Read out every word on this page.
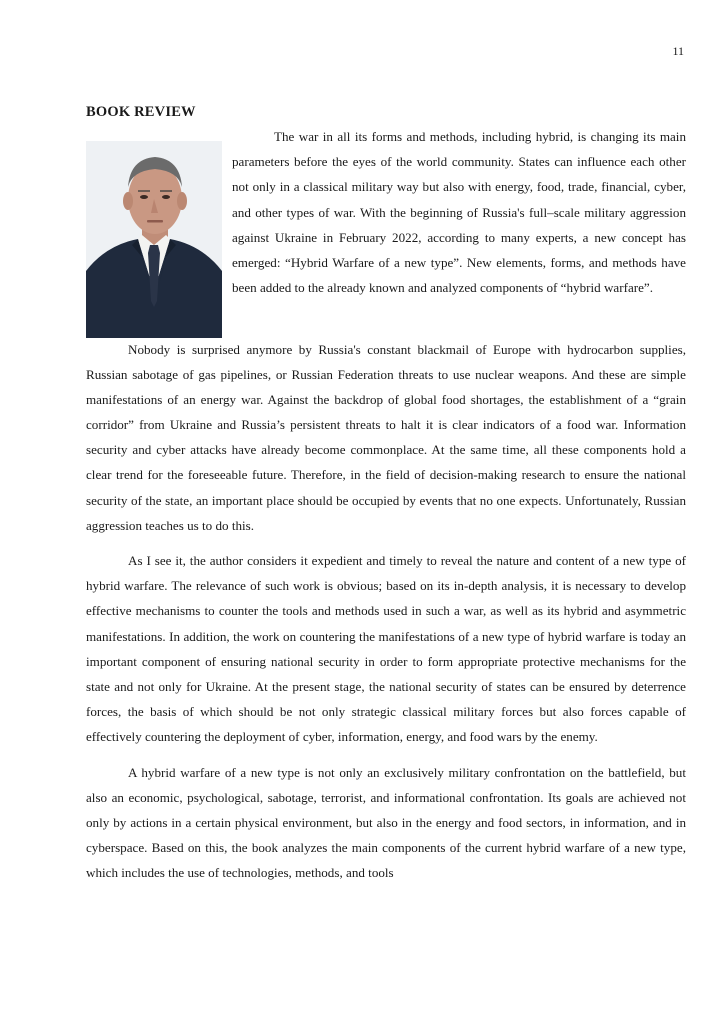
11
BOOK REVIEW

The war in all its forms and methods, including hybrid, is changing its main parameters before the eyes of the world community. States can influence each other not only in a classical military way but also with energy, food, trade, financial, cyber, and other types of war. With the beginning of Russia's full–scale military aggression against Ukraine in February 2022, according to many experts, a new concept has emerged: “Hybrid Warfare of a new type”. New elements, forms, and methods have been added to the already known and analyzed components of “hybrid warfare”.

Nobody is surprised anymore by Russia's constant blackmail of Europe with hydrocarbon supplies, Russian sabotage of gas pipelines, or Russian Federation threats to use nuclear weapons. And these are simple manifestations of an energy war. Against the backdrop of global food shortages, the establishment of a “grain corridor” from Ukraine and Russia’s persistent threats to halt it is clear indicators of a food war. Information security and cyber attacks have already become commonplace. At the same time, all these components hold a clear trend for the foreseeable future. Therefore, in the field of decision-making research to ensure the national security of the state, an important place should be occupied by events that no one expects. Unfortunately, Russian aggression teaches us to do this.

As I see it, the author considers it expedient and timely to reveal the nature and content of a new type of hybrid warfare. The relevance of such work is obvious; based on its in-depth analysis, it is necessary to develop effective mechanisms to counter the tools and methods used in such a war, as well as its hybrid and asymmetric manifestations. In addition, the work on countering the manifestations of a new type of hybrid warfare is today an important component of ensuring national security in order to form appropriate protective mechanisms for the state and not only for Ukraine. At the present stage, the national security of states can be ensured by deterrence forces, the basis of which should be not only strategic classical military forces but also forces capable of effectively countering the deployment of cyber, information, energy, and food wars by the enemy.

A hybrid warfare of a new type is not only an exclusively military confrontation on the battlefield, but also an economic, psychological, sabotage, terrorist, and informational confrontation. Its goals are achieved not only by actions in a certain physical environment, but also in the energy and food sectors, in information, and in cyberspace. Based on this, the book analyzes the main components of the current hybrid warfare of a new type, which includes the use of technologies, methods, and tools
